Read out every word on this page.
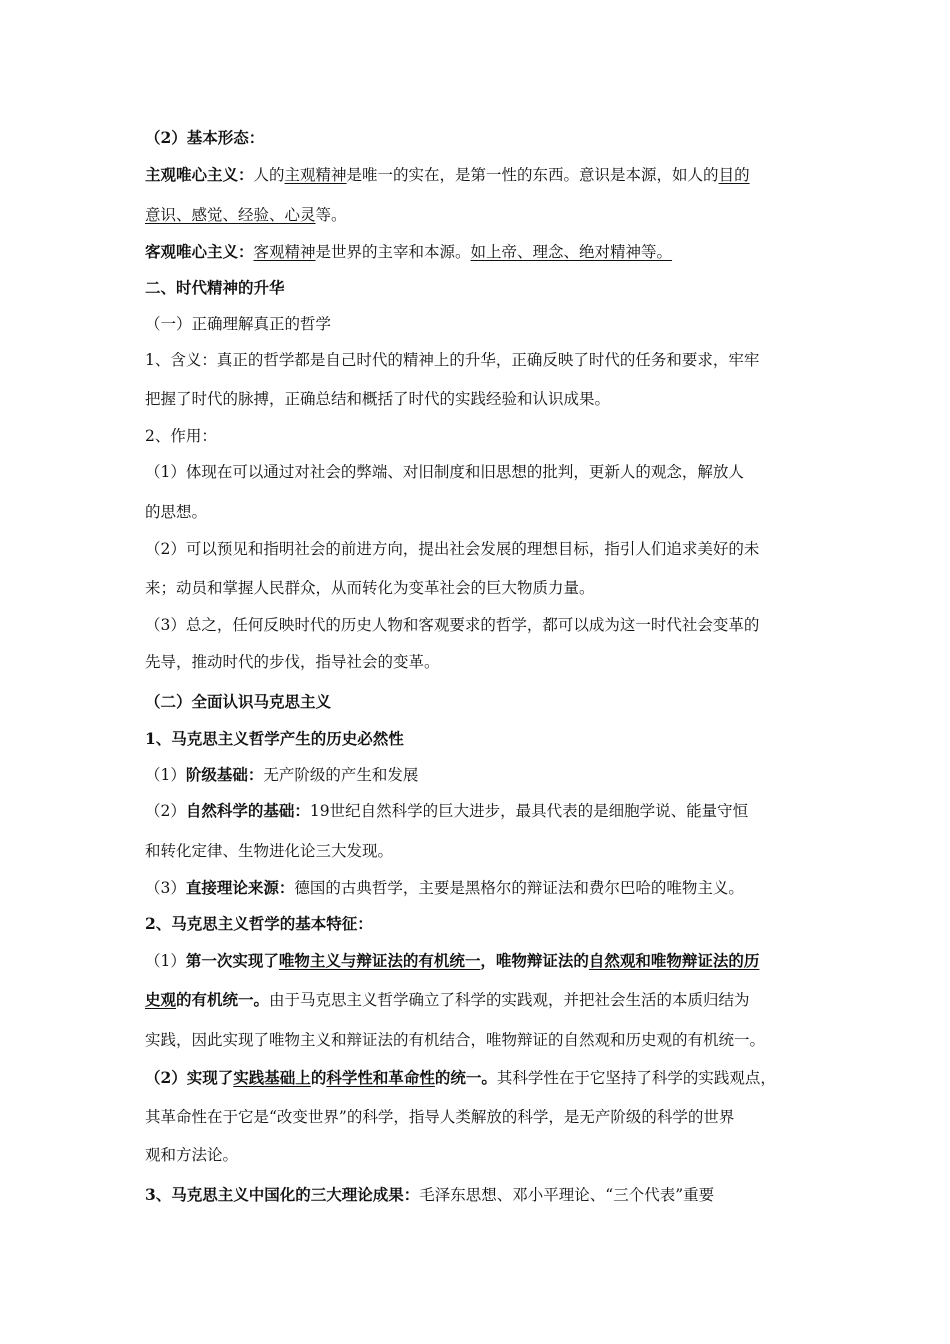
（2）基本形态：
主观唯心主义：人的主观精神是唯一的实在，是第一性的东西。意识是本源，如人的目的
意识、感觉、经验、心灵等。
客观唯心主义：客观精神是世界的主宰和本源。如上帝、理念、绝对精神等。
二、时代精神的升华
（一）正确理解真正的哲学
1、含义：真正的哲学都是自己时代的精神上的升华，正确反映了时代的任务和要求，牢牢
把握了时代的脉搏，正确总结和概括了时代的实践经验和认识成果。
2、作用：
（1）体现在可以通过对社会的弊端、对旧制度和旧思想的批判，更新人的观念，解放人
的思想。
（2）可以预见和指明社会的前进方向，提出社会发展的理想目标，指引人们追求美好的未
来；动员和掌握人民群众，从而转化为变革社会的巨大物质力量。
（3）总之，任何反映时代的历史人物和客观要求的哲学，都可以成为这一时代社会变革的
先导，推动时代的步伐，指导社会的变革。
（二）全面认识马克思主义
1、马克思主义哲学产生的历史必然性
（1）阶级基础：无产阶级的产生和发展
（2）自然科学的基础：19世纪自然科学的巨大进步，最具代表的是细胞学说、能量守恒
和转化定律、生物进化论三大发现。
（3）直接理论来源：德国的古典哲学，主要是黑格尔的辩证法和费尔巴哈的唯物主义。
2、马克思主义哲学的基本特征：
（1）第一次实现了唯物主义与辩证法的有机统一，唯物辩证法的自然观和唯物辩证法的历
史观的有机统一。由于马克思主义哲学确立了科学的实践观，并把社会生活的本质归结为
实践，因此实现了唯物主义和辩证法的有机结合，唯物辩证的自然观和历史观的有机统一。
（2）实现了实践基础上的科学性和革命性的统一。其科学性在于它坚持了科学的实践观点，
其革命性在于它是“改变世界”的科学，指导人类解放的科学，是无产阶级的科学的世界
观和方法论。
3、马克思主义中国化的三大理论成果：毛泽东思想、邓小平理论、“三个代表”重要
